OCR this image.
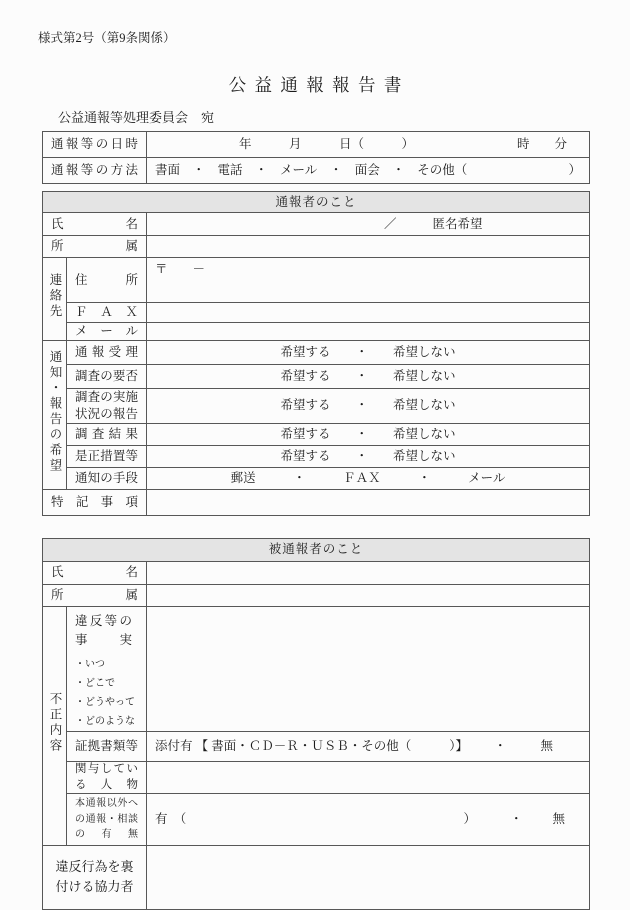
様式第2号（第9条関係）
公 益 通 報 報 告 書
公益通報等処理委員会　宛
通報等の日時	年　　　月　　　日（　　　） 時　　分

通報等の方法	書面　・　電話　・　メール　・　面会　・　その他（ ）
通報者のこと		
氏名		／ 匿名希望

所属		
連絡先	住所	〒　　－
	ＦＡＸ	
	メール	
通知・報告の希望	通報受理	希望する　　・　　希望しない
	調査の要否	希望する　　・　　希望しない
	調査の実施状況の報告	希望する　　・　　希望しない
	調査結果	希望する　　・　　希望しない
	是正措置等	希望する　　・　　希望しない
	通知の手段	郵送　　　・　　　ＦＡＸ　　　・　　　メール
特記事項		
被通報者のこと		
氏名		
所属		
不正内容	違反等の事実
・いつ
・どこで
・どうやって
・どのような	

	証拠書類等	添付有 【 書面・ＣＤ－Ｒ・ＵＳＢ・その他（ ）】 ・ 無

	関与している人物	
	本通報以外への通報・相談の有無	有　（ ） ・ 無

違反行為を裏付ける協力者		
